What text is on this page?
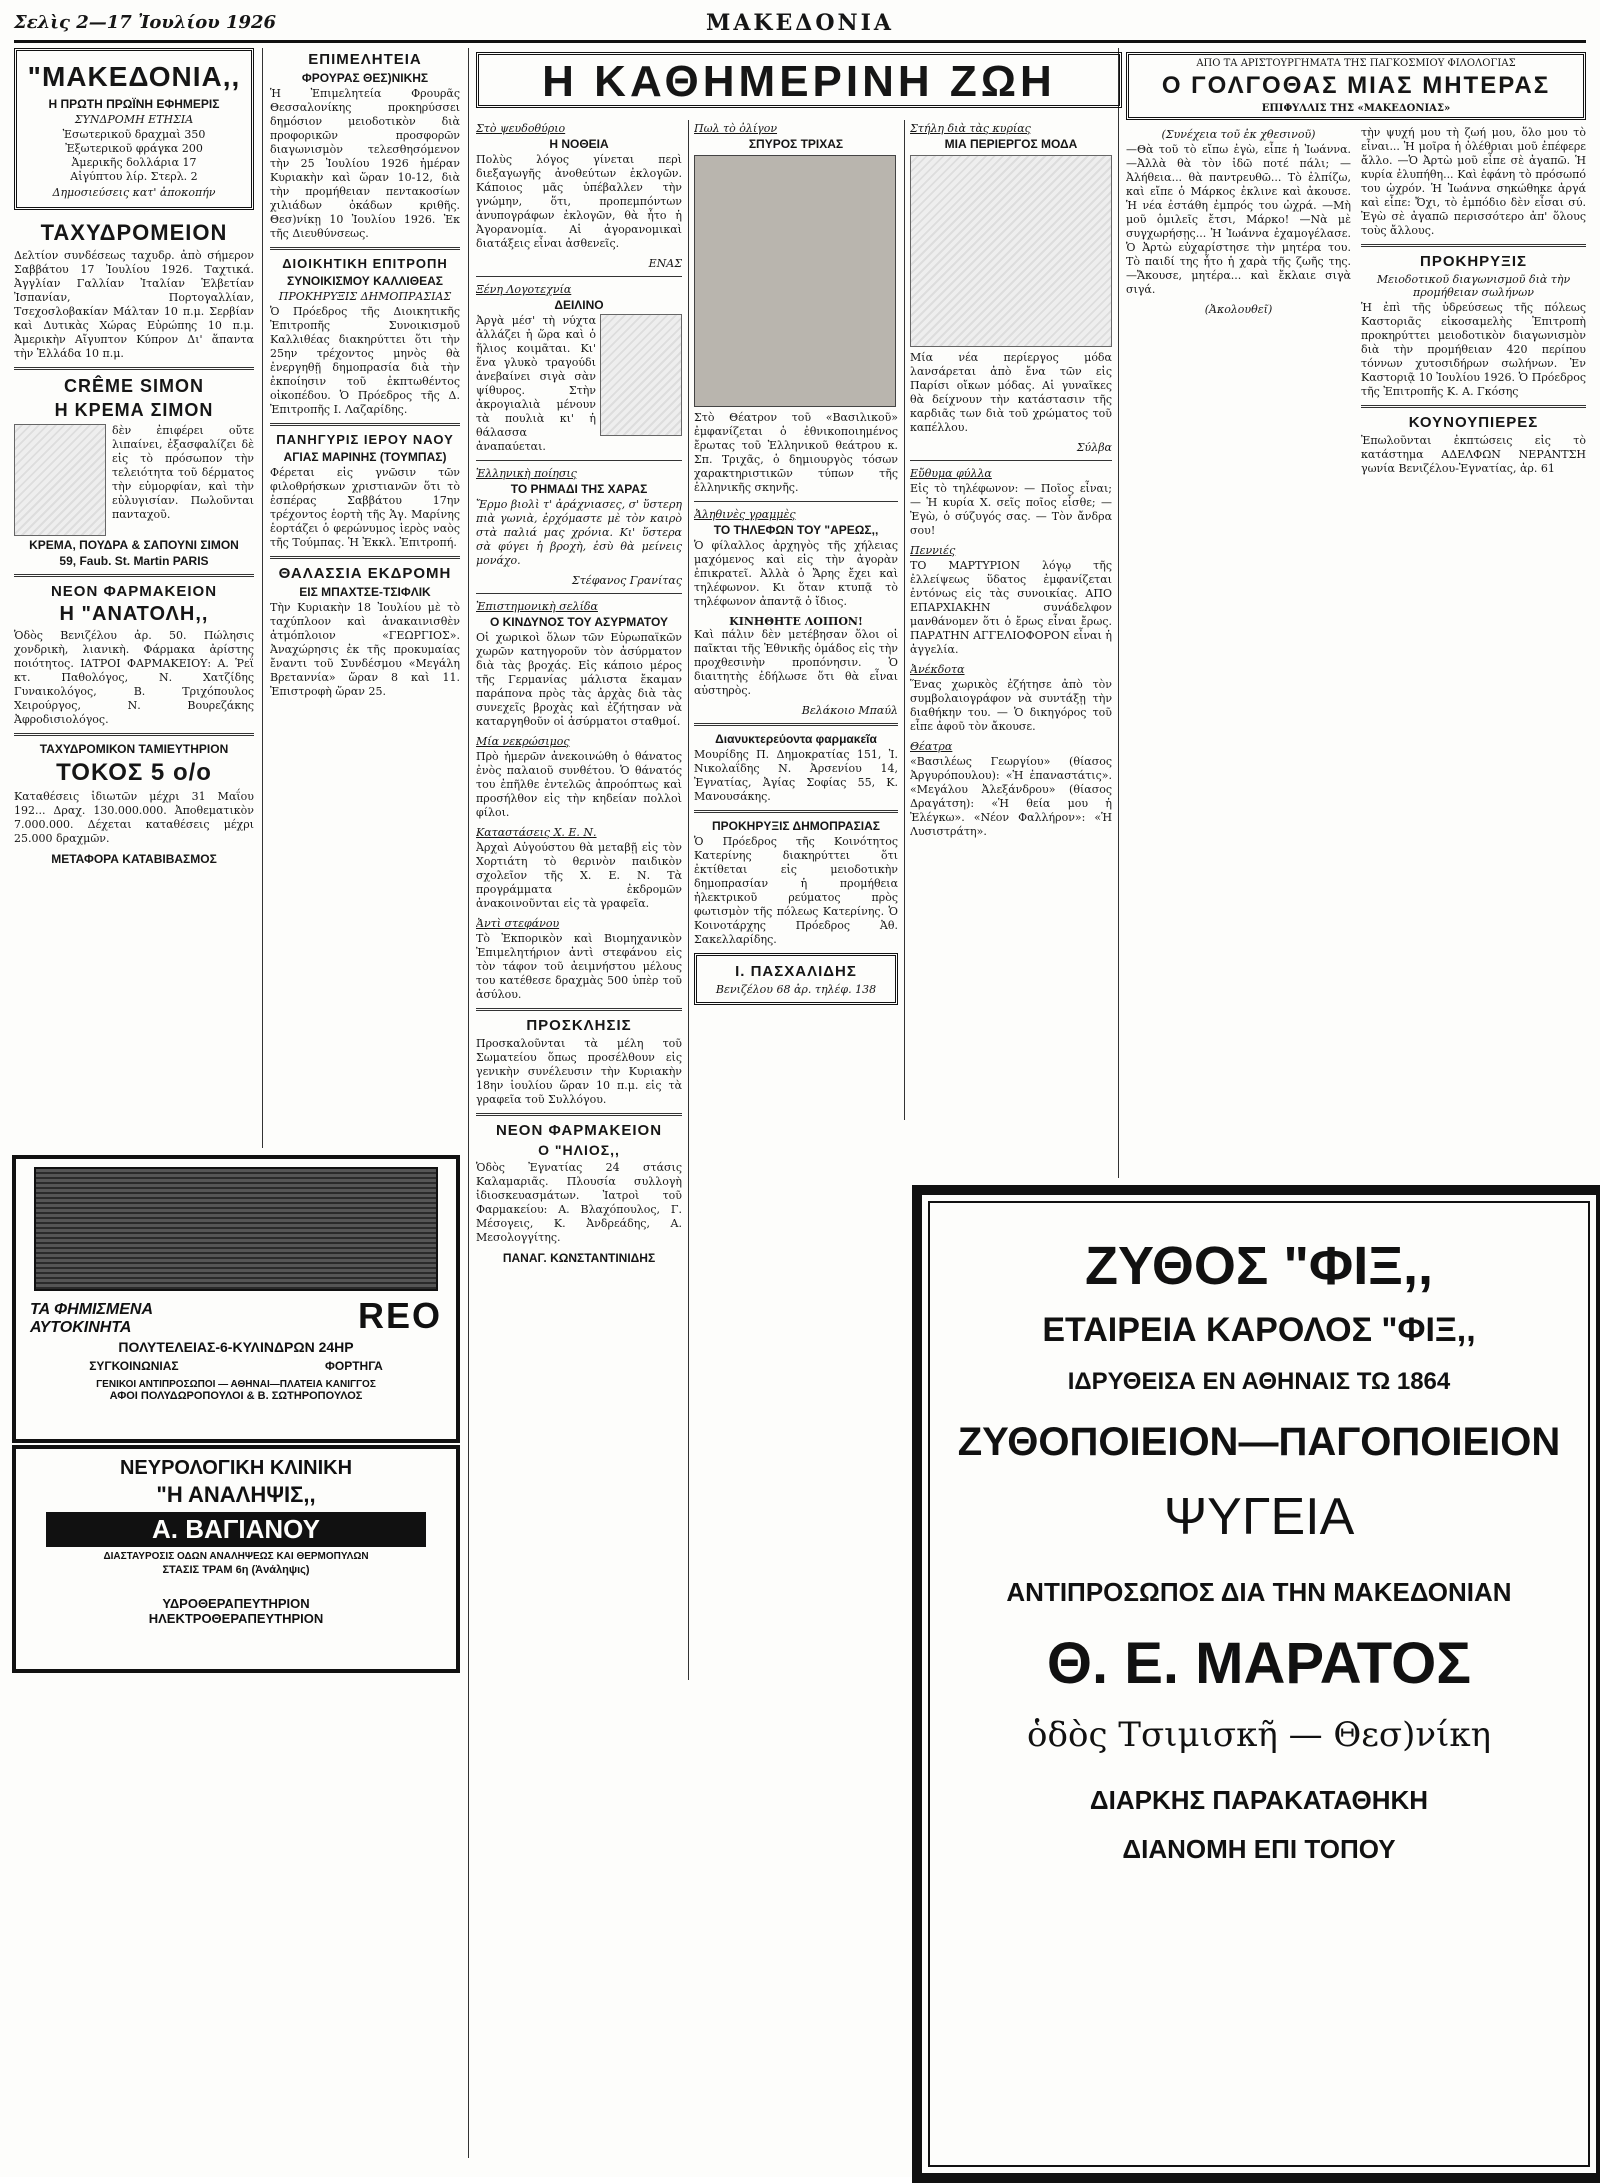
Σελὶς 2—17 Ἰουλίου 1926	ΜΑΚΕΔΟΝΙΑ
"ΜΑΚΕΔΟΝΙΑ,,
Η ΠΡΩΤΗ ΠΡΩΪΝΗ ΕΦΗΜΕΡΙΣ
ΣΥΝΔΡΟΜΗ ΕΤΗΣΙΑ
Ἐσωτερικοῦ δραχμαὶ 350
Ἐξωτερικοῦ φράγκα 200
Ἀμερικῆς δολλάρια 17
Αἰγύπτου λίρ. Στερλ. 2
Δημοσιεύσεις κατ' ἀποκοπήν
ΤΑΧΥΔΡΟΜΕΙΟΝ
Δελτίον συνδέσεως ταχυδρ. ἀπὸ σήμερον Σαββάτου 17 Ἰουλίου 1926. Ταχτικά. Ἀγγλίαν Γαλλίαν Ἰταλίαν Ἑλβετίαν Ἰσπανίαν, Πορτογαλλίαν, Τσεχοσλοβακίαν Μάλταν 10 π.μ. Σερβίαν καὶ Δυτικὰς Χώρας Εὐρώπης 10 π.μ. Ἀμερικὴν Αἴγυπτον Κύπρον Δι' ἅπαντα τὴν Ἑλλάδα 10 π.μ.
CRÊME SIMON
Η ΚΡΕΜΑ ΣΙΜΟΝ
δὲν ἐπιφέρει οὔτε λιπαίνει, ἐξασφαλίζει δὲ εἰς τὸ πρόσωπον τὴν τελειότητα τοῦ δέρματος τὴν εὐμορφίαν, καὶ τὴν εὐλυγισίαν. Πωλοῦνται πανταχοῦ.
ΚΡΕΜΑ, ΠΟΥΔΡΑ & ΣΑΠΟΥΝΙ ΣΙΜΟΝ
59, Faub. St. Martin PARIS
ΝΕΟΝ ΦΑΡΜΑΚΕΙΟΝ
Η "ΑΝΑΤΟΛΗ,,
Ὁδὸς Βενιζέλου ἀρ. 50. Πώλησις χονδρικὴ, λιανικὴ. Φάρμακα ἀρίστης ποιότητος. ΙΑΤΡΟΙ ΦΑΡΜΑΚΕΙΟΥ: Α. Ῥεΐ κτ. Παθολόγος, Ν. Χατζίδης Γυναικολόγος, Β. Τριχόπουλος Χειρούργος, Ν. Βουρεζάκης Ἀφροδισιολόγος.
ΤΑΧΥΔΡΟΜΙΚΟΝ ΤΑΜΙΕΥΤΗΡΙΟΝ
ΤΟΚΟΣ 5 ο/ο
Καταθέσεις ἰδιωτῶν μέχρι 31 Μαΐου 192... Δραχ. 130.000.000. Ἀποθεματικὸν 7.000.000. Δέχεται καταθέσεις μέχρι 25.000 δραχμῶν.
ΜΕΤΑΦΟΡΑ ΚΑΤΑΒΙΒΑΣΜΟΣ
ΕΠΙΜΕΛΗΤΕΙΑ
ΦΡΟΥΡΑΣ ΘΕΣ)ΝΙΚΗΣ
Ἡ Ἐπιμελητεία Φρουρᾶς Θεσσαλονίκης προκηρύσσει δημόσιον μειοδοτικὸν διὰ προφορικῶν προσφορῶν διαγωνισμὸν τελεσθησόμενον τὴν 25 Ἰουλίου 1926 ἡμέραν Κυριακὴν καὶ ὥραν 10-12, διὰ τὴν προμήθειαν πεντακοσίων χιλιάδων ὀκάδων κριθῆς. Θεσ)νίκῃ 10 Ἰουλίου 1926. Ἐκ τῆς Διευθύνσεως.
ΔΙΟΙΚΗΤΙΚΗ ΕΠΙΤΡΟΠΗ
ΣΥΝΟΙΚΙΣΜΟΥ ΚΑΛΛΙΘΕΑΣ
ΠΡΟΚΗΡΥΞΙΣ ΔΗΜΟΠΡΑΣΙΑΣ
Ὁ Πρόεδρος τῆς Διοικητικῆς Ἐπιτροπῆς Συνοικισμοῦ Καλλιθέας διακηρύττει ὅτι τὴν 25ην τρέχοντος μηνὸς θὰ ἐνεργηθῇ δημοπρασία διὰ τὴν ἐκποίησιν τοῦ ἐκπτωθέντος οἰκοπέδου. Ὁ Πρόεδρος τῆς Δ. Ἐπιτροπῆς Ι. Λαζαρίδης.
ΠΑΝΗΓΥΡΙΣ ΙΕΡΟΥ ΝΑΟΥ
ΑΓΙΑΣ ΜΑΡΙΝΗΣ (ΤΟΥΜΠΑΣ)
Φέρεται εἰς γνῶσιν τῶν φιλοθρήσκων χριστιανῶν ὅτι τὸ ἑσπέρας Σαββάτου 17ην τρέχοντος ἑορτὴ τῆς Ἁγ. Μαρίνης ἑορτάζει ὁ φερώνυμος ἱερὸς ναὸς τῆς Τούμπας. Ἡ Ἐκκλ. Ἐπιτροπή.
ΘΑΛΑΣΣΙΑ ΕΚΔΡΟΜΗ
ΕΙΣ ΜΠΑΧΤΣΕ-ΤΣΙΦΛΙΚ
Τὴν Κυριακὴν 18 Ἰουλίου μὲ τὸ ταχύπλοον καὶ ἀνακαινισθὲν ἀτμόπλοιον «ΓΕΩΡΓΙΟΣ». Ἀναχώρησις ἐκ τῆς προκυμαίας ἔναντι τοῦ Συνδέσμου «Μεγάλη Βρεταννία» ὥραν 8 καὶ 11. Ἐπιστροφὴ ὥραν 25.
Η ΚΑΘΗΜΕΡΙΝΗ ΖΩΗ
Στὸ ψευδοθύριο
Η ΝΟΘΕΙΑ
Πολὺς λόγος γίνεται περὶ διεξαγωγῆς ἀνοθεύτων ἐκλογῶν. Κάποιος μᾶς ὑπέβαλλεν τὴν γνώμην, ὅτι, προπεμπόντων ἀνυπογράφων ἐκλογῶν, θὰ ἦτο ἡ Ἀγορανομία. Αἱ ἀγορανομικαὶ διατάξεις εἶναι ἀσθενεῖς.
ΕΝΑΣ
Ξένη Λογοτεχνία
ΔΕΙΛΙΝΟ
Ἀργὰ μέσ' τὴ νύχτα ἀλλάζει ἡ ὥρα καὶ ὁ ἥλιος κοιμᾶται. Κι' ἕνα γλυκὸ τραγούδι ἀνεβαίνει σιγὰ σὰν ψίθυρος. Στὴν ἀκρογιαλιὰ μένουν τὰ πουλιὰ κι' ἡ θάλασσα ἀναπαύεται.
Ἑλληνικὴ ποίησις
ΤΟ ΡΗΜΑΔΙ ΤΗΣ ΧΑΡΑΣ
Ἔρμο βιολὶ τ' ἀράχνιασες, σ' ὕστερη πιὰ γωνιὰ, ἐρχόμαστε μὲ τὸν καιρὸ στὰ παλιά μας χρόνια. Κι' ὕστερα σὰ φύγει ἡ βροχὴ, ἐσὺ θὰ μείνεις μονάχο.
Στέφανος Γρανίτας
Ἐπιστημονικὴ σελίδα
Ο ΚΙΝΔΥΝΟΣ ΤΟΥ ΑΣΥΡΜΑΤΟΥ
Οἱ χωρικοὶ ὅλων τῶν Εὐρωπαϊκῶν χωρῶν κατηγοροῦν τὸν ἀσύρματον διὰ τὰς βροχάς. Εἰς κάποιο μέρος τῆς Γερμανίας μάλιστα ἔκαμαν παράπονα πρὸς τὰς ἀρχὰς διὰ τὰς συνεχεῖς βροχὰς καὶ ἐζήτησαν νὰ καταργηθοῦν οἱ ἀσύρματοι σταθμοί.
Μία νεκρώσιμος
Πρὸ ἡμερῶν ἀνεκοινώθη ὁ θάνατος ἐνὸς παλαιοῦ συνθέτου. Ὁ θάνατός του ἐπῆλθε ἐντελῶς ἀπροόπτως καὶ προσήλθον εἰς τὴν κηδείαν πολλοὶ φίλοι.
Καταστάσεις Χ. Ε. Ν.
Ἀρχαὶ Αὐγούστου θὰ μεταβῇ εἰς τὸν Χορτιάτη τὸ θερινὸν παιδικὸν σχολεῖον τῆς Χ. Ε. Ν. Τὰ προγράμματα ἐκδρομῶν ἀνακοινοῦνται εἰς τὰ γραφεῖα.
Ἀντὶ στεφάνου
Τὸ Ἐκπορικὸν καὶ Βιομηχανικὸν Ἐπιμελητήριον ἀντὶ στεφάνου εἰς τὸν τάφον τοῦ ἀειμνήστου μέλους του κατέθεσε δραχμὰς 500 ὑπὲρ τοῦ ἀσύλου.
ΠΡΟΣΚΛΗΣΙΣ
Προσκαλοῦνται τὰ μέλη τοῦ Σωματείου ὅπως προσέλθουν εἰς γενικὴν συνέλευσιν τὴν Κυριακὴν 18ην ἰουλίου ὥραν 10 π.μ. εἰς τὰ γραφεῖα τοῦ Συλλόγου.
ΝΕΟΝ ΦΑΡΜΑΚΕΙΟΝ
Ο "ΗΛΙΟΣ,,
Ὁδὸς Ἐγνατίας 24 στάσις Καλαμαριᾶς. Πλουσία συλλογὴ ἰδιοσκευασμάτων. Ἰατροὶ τοῦ Φαρμακείου: Α. Βλαχόπουλος, Γ. Μέσογεις, Κ. Ἀνδρεάδης, Α. Μεσολογγίτης.
ΠΑΝΑΓ. ΚΩΝΣΤΑΝΤΙΝΙΔΗΣ
Πωλ τὸ ὀλίγον
ΣΠΥΡΟΣ ΤΡΙΧΑΣ
Στὸ Θέατρον τοῦ «Βασιλικοῦ» ἐμφανίζεται ὁ ἐθνικοποιημένος ἔρωτας τοῦ Ἑλληνικοῦ θεάτρου κ. Σπ. Τριχᾶς, ὁ δημιουργὸς τόσων χαρακτηριστικῶν τύπων τῆς ἑλληνικῆς σκηνῆς.
Ἀληθινὲς γραμμὲς
ΤΟ ΤΗΛΕΦΩΝ ΤΟΥ "ΑΡΕΩΣ,,
Ὁ φίλαλλος ἀρχηγὸς τῆς χήλειας μαχόμενος καὶ εἰς τὴν ἀγορὰν ἐπικρατεῖ. Ἀλλὰ ὁ Ἄρης ἔχει καὶ τηλέφωνον. Κι ὅταν κτυπᾷ τὸ τηλέφωνον ἀπαντᾷ ὁ ἴδιος.
ΚΙΝΗΘΗΤΕ ΛΟΙΠΟΝ!
Καὶ πάλιν δὲν μετέβησαν ὅλοι οἱ παῖκται τῆς Ἐθνικῆς ὁμάδος εἰς τὴν προχθεσινὴν προπόνησιν. Ὁ διαιτητὴς ἐδήλωσε ὅτι θὰ εἶναι αὐστηρὸς.
Βελάκοιο Μπαύλ
Διανυκτερεύοντα φαρμακεῖα
Μουρίδης Π. Δημοκρατίας 151, Ἰ. Νικολαΐδης Ν. Ἀρσενίου 14, Ἐγνατίας, Ἀγίας Σοφίας 55, Κ. Μανουσάκης.
ΠΡΟΚΗΡΥΞΙΣ ΔΗΜΟΠΡΑΣΙΑΣ
Ὁ Πρόεδρος τῆς Κοινότητος Κατερίνης διακηρύττει ὅτι ἐκτίθεται εἰς μειοδοτικὴν δημοπρασίαν ἡ προμήθεια ἠλεκτρικοῦ ρεύματος πρὸς φωτισμὸν τῆς πόλεως Κατερίνης. Ὁ Κοινοτάρχης Πρόεδρος Ἀθ. Σακελλαρίδης.
Ι. ΠΑΣΧΑΛΙΔΗΣ
Βενιζέλου 68 ἀρ. τηλέφ. 138
Στήλη διὰ τὰς κυρίας
ΜΙΑ ΠΕΡΙΕΡΓΟΣ ΜΟΔΑ
Μία νέα περίεργος μόδα λανσάρεται ἀπὸ ἔνα τῶν εἰς Παρίσι οἴκων μόδας. Αἱ γυναῖκες θὰ δείχνουν τὴν κατάστασιν τῆς καρδιᾶς των διὰ τοῦ χρώματος τοῦ καπέλλου.
Σύλβα
Εὔθυμα φύλλα
Εἰς τὸ τηλέφωνον: — Ποῖος εἶναι; — Ἡ κυρία Χ. σεῖς ποῖος εἶσθε; — Ἐγὼ, ὁ σύζυγός σας. — Τὸν ἄνδρα σου!
Πεννιές
ΤΟ ΜΑΡΤΥΡΙΟΝ λόγῳ τῆς ἐλλείψεως ὕδατος ἐμφανίζεται ἐντόνως εἰς τὰς συνοικίας. ΑΠΟ ΕΠΑΡΧΙΑΚΗΝ συνάδελφον μανθάνομεν ὅτι ὁ ἔρως εἶναι ἔρως. ΠΑΡΑΤΗΝ ΑΓΓΕΛΙΟΦΟΡΟΝ εἶναι ἡ ἀγγελία.
Ἀνέκδοτα
Ἕνας χωρικὸς ἐζήτησε ἀπὸ τὸν συμβολαιογράφον νὰ συντάξῃ τὴν διαθήκην του. — Ὁ δικηγόρος τοῦ εἶπε ἀφοῦ τὸν ἄκουσε.
Θέατρα
«Βασιλέως Γεωργίου» (θίασος Ἀργυρόπουλου): «Ἡ ἐπαναστάτις». «Μεγάλου Ἀλεξάνδρου» (θίασος Δραγάτση): «Ἡ θεία μου ἡ Ἐλέγκω». «Νέον Φαλλήρον»: «Ἡ Λυσιστράτη».
ΑΠΟ ΤΑ ΑΡΙΣΤΟΥΡΓΗΜΑΤΑ ΤΗΣ ΠΑΓΚΟΣΜΙΟΥ ΦΙΛΟΛΟΓΙΑΣ
Ο ΓΟΛΓΟΘΑΣ ΜΙΑΣ ΜΗΤΕΡΑΣ
ΕΠΙΦΥΛΛΙΣ ΤΗΣ «ΜΑΚΕΔΟΝΙΑΣ»
(Συνέχεια τοῦ ἐκ χθεσινοῦ)
—Θὰ τοῦ τὸ εἴπω ἐγὼ, εἶπε ἡ Ἰωάννα. —Ἀλλὰ θὰ τὸν ἰδῶ ποτέ πάλι; —Ἀλήθεια... θὰ παντρευθῶ... Τὸ ἐλπίζω, καὶ εἴπε ὁ Μάρκος ἐκλινε καὶ ἀκουσε. Ἡ νέα ἐστάθη ἐμπρός του ὠχρά. —Μὴ μοῦ ὁμιλεῖς ἔτσι, Μάρκο! —Νὰ μὲ συγχωρήσῃς... Ἡ Ἰωάννα ἐχαμογέλασε. Ὁ Ἀρτὼ εὐχαρίστησε τὴν μητέρα του. Τὸ παιδί της ἦτο ἡ χαρὰ τῆς ζωῆς της. —Ἄκουσε, μητέρα... καὶ ἔκλαιε σιγὰ σιγά.
(Ἀκολουθεῖ)
τὴν ψυχή μου τὴ ζωή μου, ὅλο μου τὸ εἶναι... Ἡ μοῖρα ἡ ὀλέθριαι μοῦ ἐπέφερε ἄλλο. —Ὁ Ἀρτὼ μοῦ εἶπε σὲ ἀγαπῶ. Ἡ κυρία ἐλυπήθη... Καὶ ἐφάνη τὸ πρόσωπό του ὠχρόν. Ἡ Ἰωάννα σηκώθηκε ἀργά καὶ εἶπε: Ὄχι, τὸ ἐμπόδιο δὲν εἶσαι σύ. Ἐγὼ σὲ ἀγαπῶ περισσότερο ἀπ' ὅλους τοὺς ἄλλους.
ΠΡΟΚΗΡΥΞΙΣ
Μειοδοτικοῦ διαγωνισμοῦ διὰ τὴν προμήθειαν σωλήνων
Ἡ ἐπὶ τῆς ὑδρεύσεως τῆς πόλεως Καστοριᾶς εἰκοσαμελὴς Ἐπιτροπὴ προκηρύττει μειοδοτικὸν διαγωνισμὸν διὰ τὴν προμήθειαν 420 περίπου τόννων χυτοσιδήρων σωλήνων. Ἐν Καστοριᾷ 10 Ἰουλίου 1926. Ὁ Πρόεδρος τῆς Ἐπιτροπῆς Κ. Α. Γκόσης
ΚΟΥΝΟΥΠΙΕΡΕΣ
Ἐπωλοῦνται ἐκπτώσεις εἰς τὸ κατάστημα ΑΔΕΛΦΩΝ ΝΕΡΑΝΤΣΗ γωνία Βενιζέλου-Ἐγνατίας, ἀρ. 61
ΤΑ ΦΗΜΙΣΜΕΝΑ ΑΥΤΟΚΙΝΗΤΑ	REO
ΠΟΛΥΤΕΛΕΙΑΣ-6-ΚΥΛΙΝΔΡΩΝ 24HP
ΣΥΓΚΟΙΝΩΝΙΑΣ	ΦΟΡΤΗΓΑ
ΓΕΝΙΚΟΙ ΑΝΤΙΠΡΟΣΩΠΟΙ — ΑΘΗΝΑΙ—ΠΛΑΤΕΙΑ ΚΑΝΙΓΓΟΣ
ΑΦΟΙ ΠΟΛΥΔΩΡΟΠΟΥΛΟΙ & Β. ΣΩΤΗΡΟΠΟΥΛΟΣ
ΝΕΥΡΟΛΟΓΙΚΗ ΚΛΙΝΙΚΗ
"Η ΑΝΑΛΗΨΙΣ,,
Α. ΒΑΓΙΑΝΟΥ
ΔΙΑΣΤΑΥΡΟΣΙΣ ΟΔΩΝ ΑΝΑΛΗΨΕΩΣ ΚΑΙ ΘΕΡΜΟΠΥΛΩΝ
ΣΤΑΣΙΣ ΤΡΑΜ 6η (Ἀνάληψις)
ΥΔΡΟΘΕΡΑΠΕΥΤΗΡΙΟΝ
ΗΛΕΚΤΡΟΘΕΡΑΠΕΥΤΗΡΙΟΝ
ΖΥΘΟΣ "ΦΙΞ,,
ΕΤΑΙΡΕΙΑ ΚΑΡΟΛΟΣ "ΦΙΞ,,
ΙΔΡΥΘΕΙΣΑ ΕΝ ΑΘΗΝΑΙΣ ΤΩ 1864
ΖΥΘΟΠΟΙΕΙΟΝ—ΠΑΓΟΠΟΙΕΙΟΝ
ΨΥΓΕΙΑ
ΑΝΤΙΠΡΟΣΩΠΟΣ ΔΙΑ ΤΗΝ ΜΑΚΕΔΟΝΙΑΝ
Θ. Ε. ΜΑΡΑΤΟΣ
ὁδὸς Τσιμισκῆ — Θεσ)νίκη
ΔΙΑΡΚΗΣ ΠΑΡΑΚΑΤΑΘΗΚΗ
ΔΙΑΝΟΜΗ ΕΠΙ ΤΟΠΟΥ
